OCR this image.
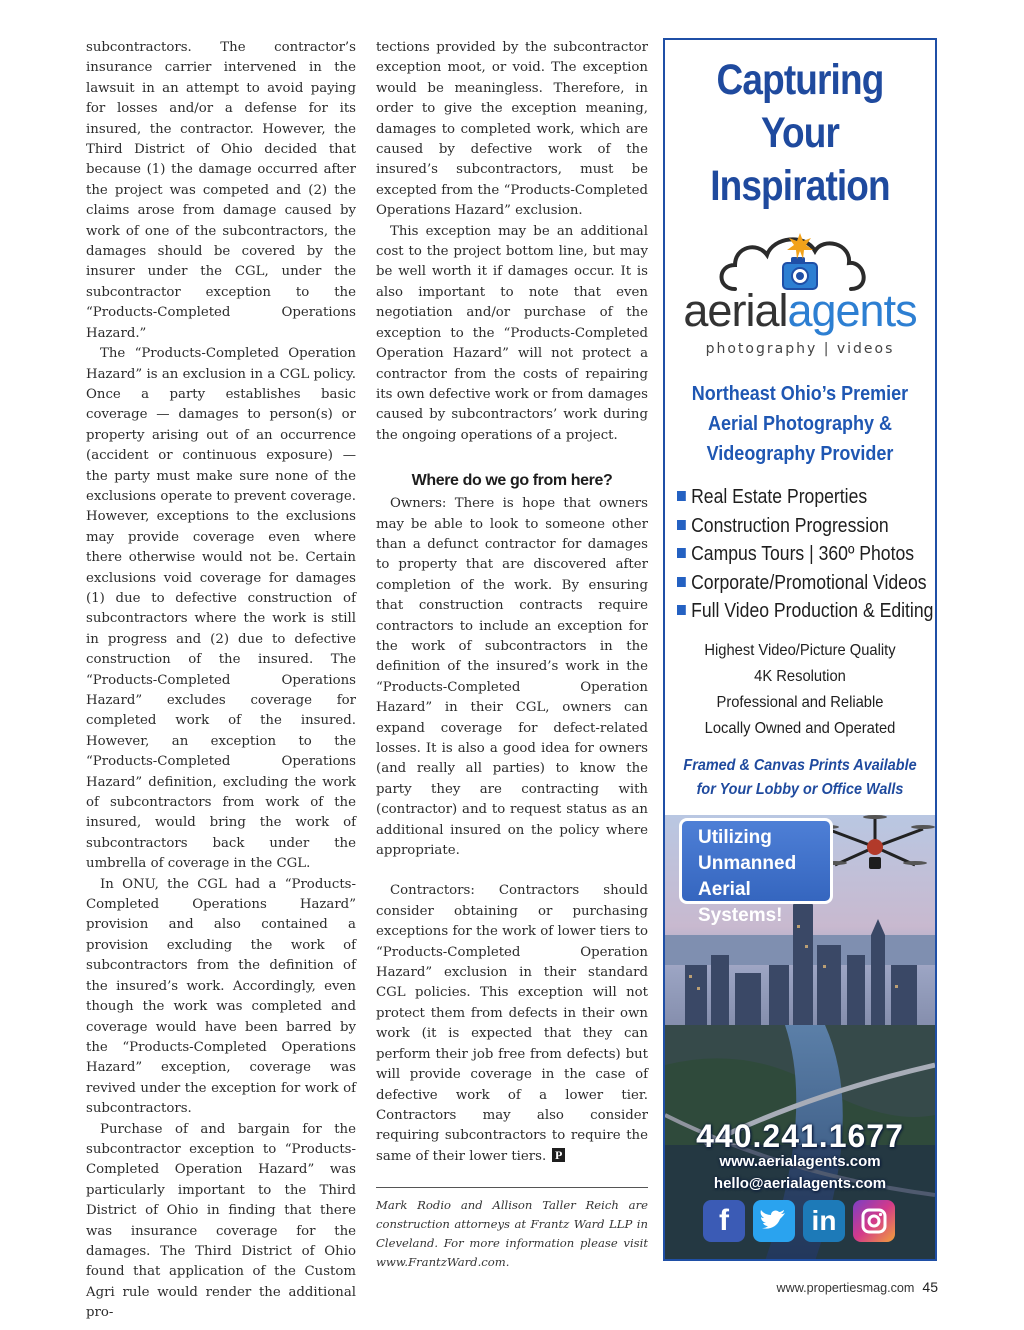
subcontractors. The contractor’s insurance carrier intervened in the lawsuit in an attempt to avoid paying for losses and/or a defense for its insured, the contractor. However, the Third District of Ohio decided that because (1) the damage occurred after the project was competed and (2) the claims arose from damage caused by work of one of the subcontractors, the damages should be covered by the insurer under the CGL, under the subcontractor exception to the “Products-Completed Operations Hazard.”

The “Products-Completed Operation Hazard” is an exclusion in a CGL policy. Once a party establishes basic coverage — damages to person(s) or property arising out of an occurrence (accident or continuous exposure) — the party must make sure none of the exclusions operate to prevent coverage. However, exceptions to the exclusions may provide coverage even where there otherwise would not be. Certain exclusions void coverage for damages (1) due to defective construction of subcontractors where the work is still in progress and (2) due to defective construction of the insured. The “Products-Completed Operations Hazard” excludes coverage for completed work of the insured. However, an exception to the “Products-Completed Operations Hazard” definition, excluding the work of subcontractors from work of the insured, would bring the work of subcontractors back under the umbrella of coverage in the CGL.

In ONU, the CGL had a “Products-Completed Operations Hazard” provision and also contained a provision excluding the work of subcontractors from the definition of the insured’s work. Accordingly, even though the work was completed and coverage would have been barred by the “Products-Completed Operations Hazard” exception, coverage was revived under the exception for work of subcontractors.

Purchase of and bargain for the subcontractor exception to “Products-Completed Operation Hazard” was particularly important to the Third District of Ohio in finding that there was insurance coverage for the damages. The Third District of Ohio found that application of the Custom Agri rule would render the additional pro-

tections provided by the subcontractor exception moot, or void. The exception would be meaningless. Therefore, in order to give the exception meaning, damages to completed work, which are caused by defective work of the insured’s subcontractors, must be excepted from the “Products-Completed Operations Hazard” exclusion.

This exception may be an additional cost to the project bottom line, but may be well worth it if damages occur. It is also important to note that even negotiation and/or purchase of the exception to the “Products-Completed Operation Hazard” will not protect a contractor from the costs of repairing its own defective work or from damages caused by subcontractors’ work during the ongoing operations of a project.

Where do we go from here?

Owners: There is hope that owners may be able to look to someone other than a defunct contractor for damages to property that are discovered after completion of the work. By ensuring that construction contracts require contractors to include an exception for the work of subcontractors in the definition of the insured’s work in the “Products-Completed Operation Hazard” in their CGL, owners can expand coverage for defect-related losses. It is also a good idea for owners (and really all parties) to know the party they are contracting with (contractor) and to request status as an additional insured on the policy where appropriate.

Contractors: Contractors should consider obtaining or purchasing exceptions for the work of lower tiers to “Products-Completed Operation Hazard” exclusion in their standard CGL policies. This exception will not protect them from defects in their own work (it is expected that they can perform their job free from defects) but will provide coverage in the case of defective work of a lower tier. Contractors may also consider requiring subcontractors to require the same of their lower tiers. P

Mark Rodio and Allison Taller Reich are construction attorneys at Frantz Ward LLP in Cleveland. For more information please visit www.FrantzWard.com.

Capturing
Your
Inspiration
aerialagents
photography | videos
Northeast Ohio’s Premier
Aerial Photography &
Videography Provider
Real Estate Properties
Construction Progression
Campus Tours | 360º Photos
Corporate/Promotional Videos
Full Video Production & Editing
Highest Video/Picture Quality
4K Resolution
Professional and Reliable
Locally Owned and Operated
Framed & Canvas Prints Available
for Your Lobby or Office Walls
Utilizing
Unmanned
Aerial Systems!
440.241.1677
www.aerialagents.com
hello@aerialagents.com
f	in
www.propertiesmag.com 45
